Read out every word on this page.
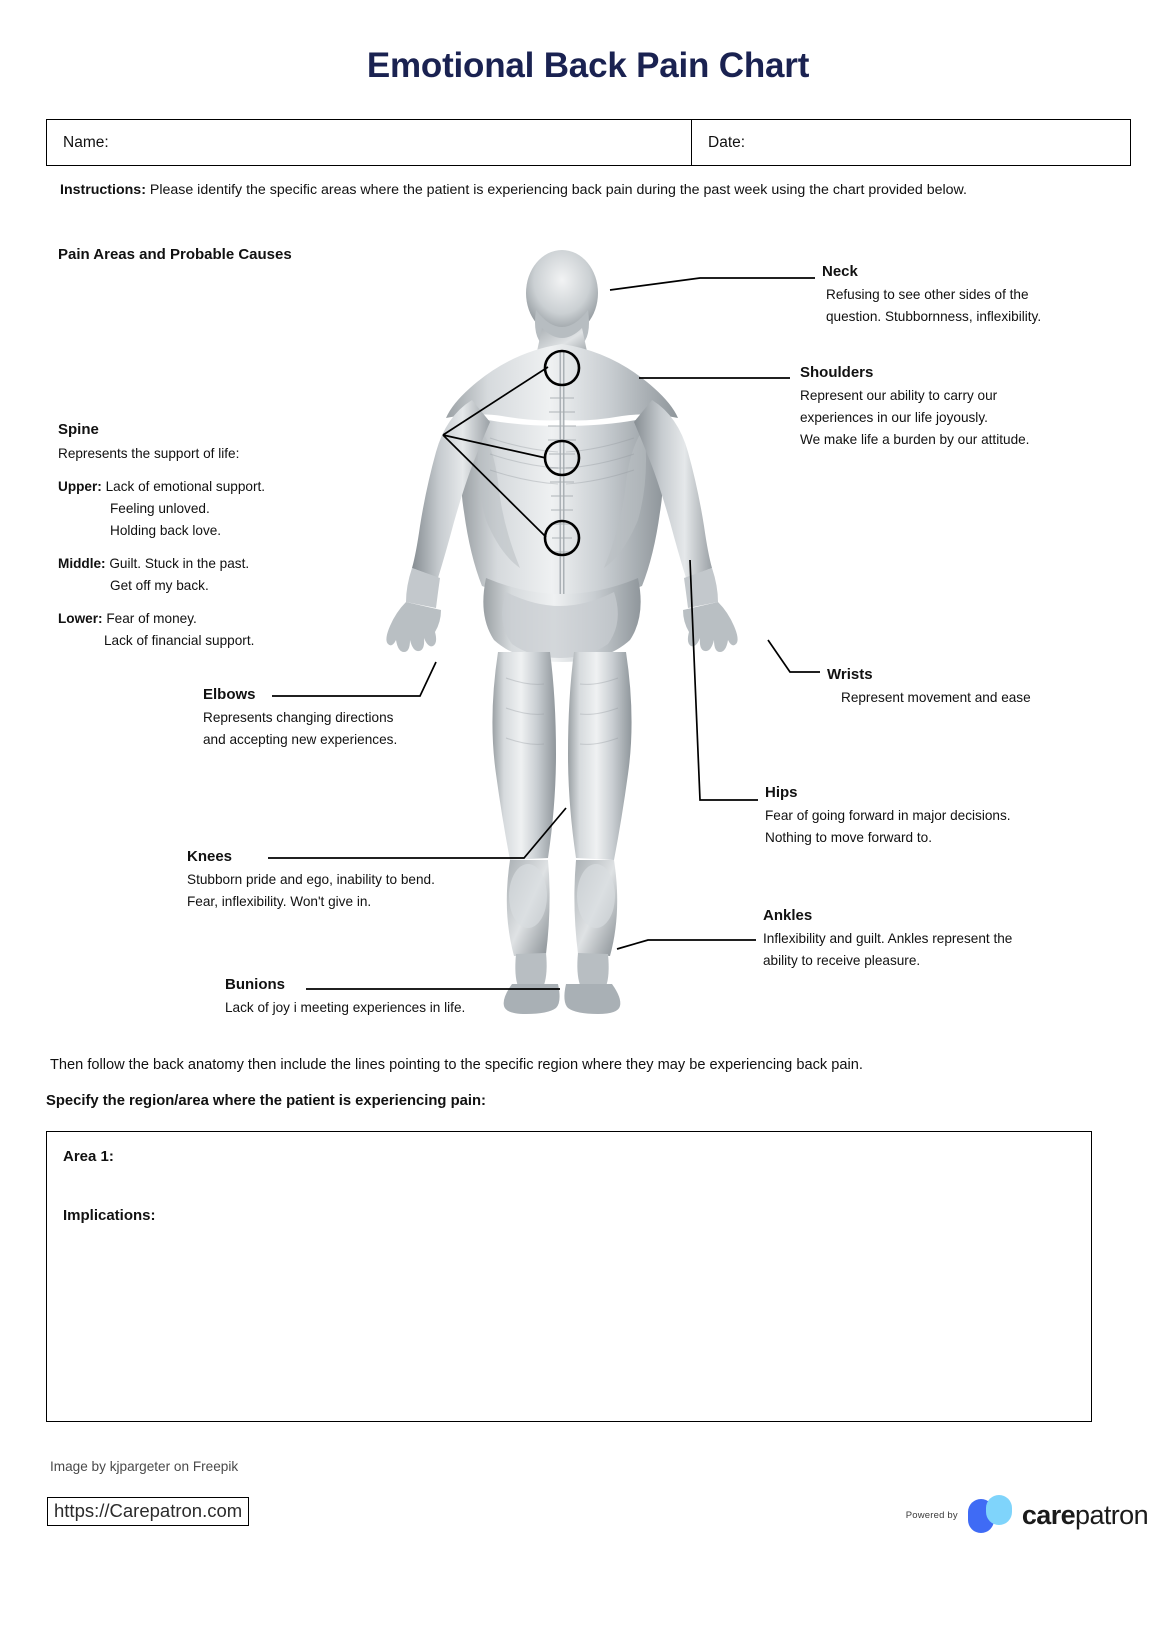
Emotional Back Pain Chart
Name:	Date:
Instructions: Please identify the specific areas where the patient is experiencing back pain during the past week using the chart provided below.
Pain Areas and Probable Causes
Spine
Represents the support of life:
Upper: Lack of emotional support.
Feeling unloved.
Holding back love.
Middle: Guilt. Stuck in the past.
Get off my back.
Lower: Fear of money.
Lack of financial support.
Elbows
Represents changing directions
and accepting new experiences.
Knees
Stubborn pride and ego, inability to bend.
Fear, inflexibility. Won't give in.
Bunions
Lack of joy i meeting experiences in life.
Neck
Refusing to see other sides of the
question. Stubbornness, inflexibility.
Shoulders
Represent our ability to carry our
experiences in our life joyously.
We make life a burden by our attitude.
Wrists
Represent movement and ease
Hips
Fear of going forward in major decisions.
Nothing to move forward to.
Ankles
Inflexibility and guilt. Ankles represent the
ability to receive pleasure.
Then follow the back anatomy then include the lines pointing to the specific region where they may be experiencing back pain.
Specify the region/area where the patient is experiencing pain:
Area 1:
Implications:
Image by kjpargeter on Freepik
https://Carepatron.com	Powered by carepatron
